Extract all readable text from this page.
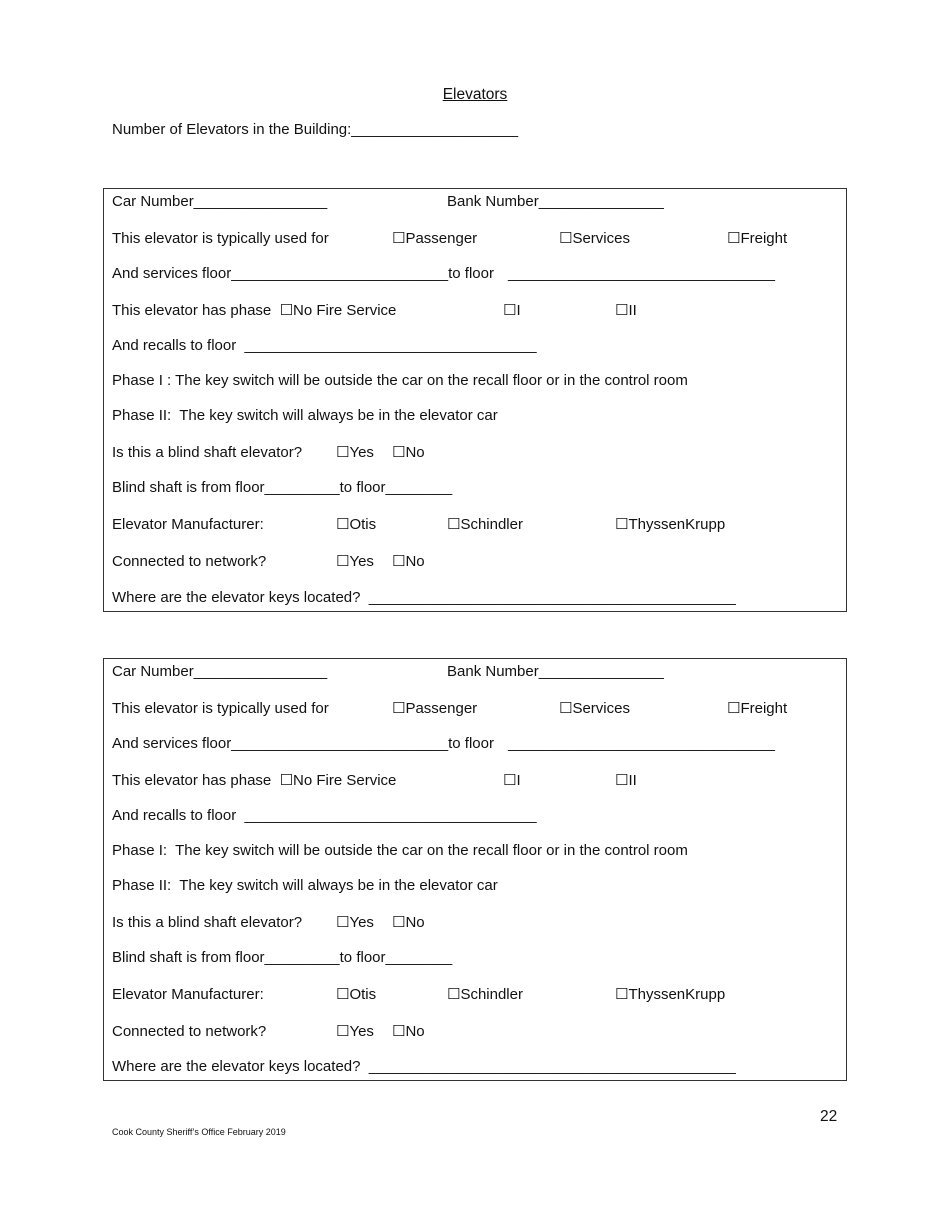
Elevators
Number of Elevators in the Building:____________________
Car Number________________	Bank Number_______________
This elevator is typically used for	☐Passenger	☐Services	☐Freight
And services floor__________________________to floor ________________________________
This elevator has phase  ☐No Fire Service	☐I	☐II
And recalls to floor  ___________________________________
Phase I : The key switch will be outside the car on the recall floor or in the control room
Phase II:  The key switch will always be in the elevator car
Is this a blind shaft elevator? ☐Yes ☐No
Blind shaft is from floor_________to floor________
Elevator Manufacturer:	☐Otis	☐Schindler	☐ThyssenKrupp
Connected to network?	☐Yes ☐No
Where are the elevator keys located?  ____________________________________________
Car Number________________	Bank Number_______________
This elevator is typically used for	☐Passenger	☐Services	☐Freight
And services floor__________________________to floor ________________________________
This elevator has phase  ☐No Fire Service	☐I	☐II
And recalls to floor  ___________________________________
Phase I:  The key switch will be outside the car on the recall floor or in the control room
Phase II:  The key switch will always be in the elevator car
Is this a blind shaft elevator? ☐Yes ☐No
Blind shaft is from floor_________to floor________
Elevator Manufacturer:	☐Otis	☐Schindler	☐ThyssenKrupp
Connected to network?	☐Yes ☐No
Where are the elevator keys located?  ____________________________________________
22
Cook County Sheriff’s Office February 2019
